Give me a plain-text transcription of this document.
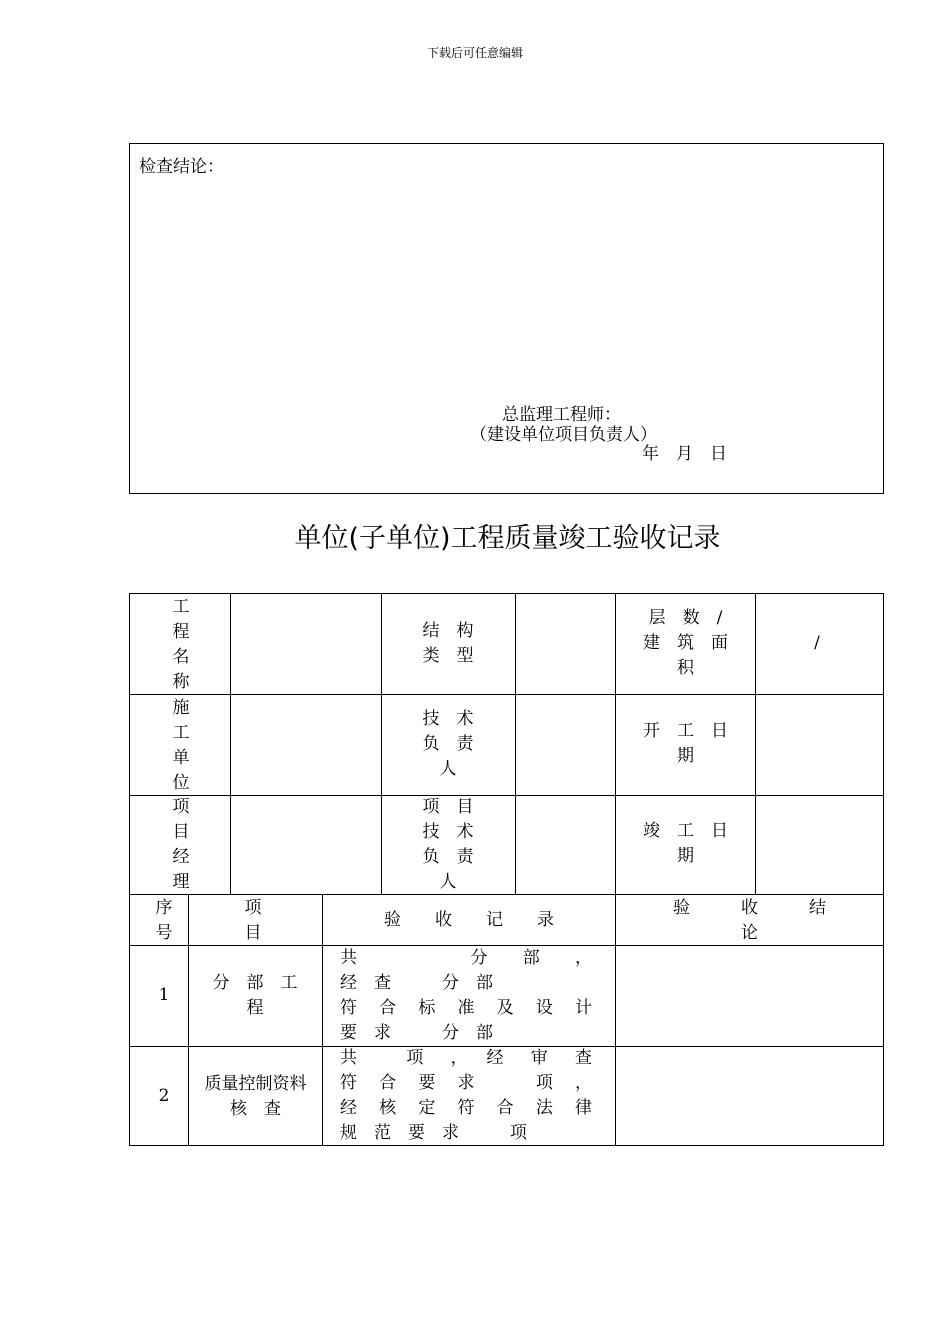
下载后可任意编辑
检查结论：
总监理工程师：
（建设单位项目负责人）
年　月　日
单位(子单位)工程质量竣工验收记录
工
程
名
称
结　构
类　型
层　数　/
建　筑　面
积
/
施
工
单
位
技　术
负　责
人
开　工　日
期
项
目
经
理
项　目
技　术
负　责
人
竣　工　日
期
序
号
项
目
验　　收　　记　　录
验　　　收　　　结
论
1
分　部　工
程
共　　　　分　部　，
经　查　　　分　部
符　合　标　准　及　设　计
要　求　　　分　部
2
质量控制资料
核　查
共　　项　，　经　审　查
符　合　要　求　　　项　，
经　核　定　符　合　法　律
规　范　要　求　　　项
